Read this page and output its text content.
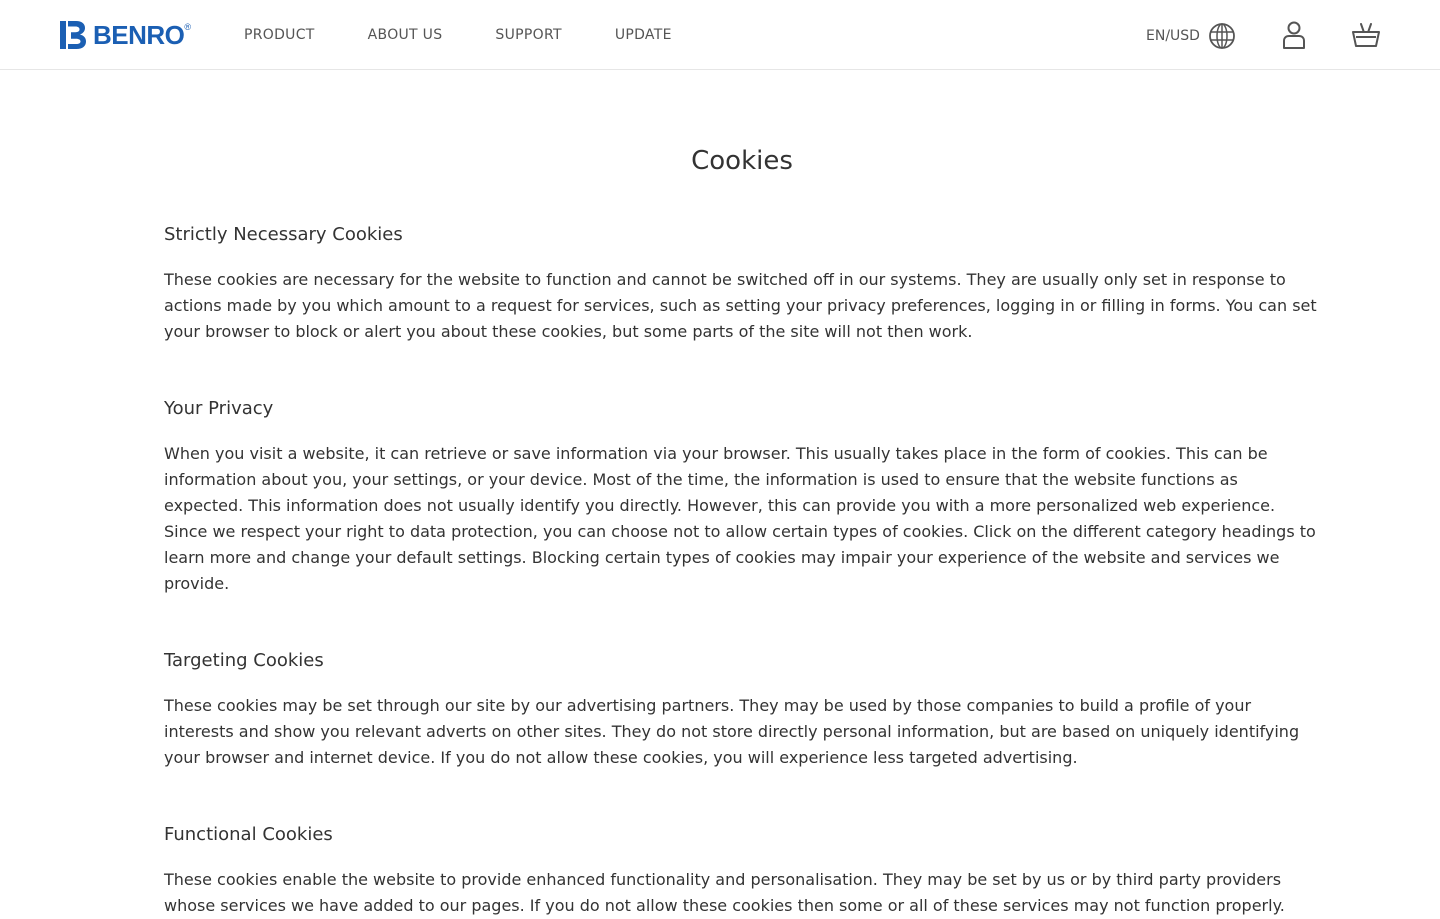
BENRO ®	PRODUCT	ABOUT US	SUPPORT	UPDATE	EN/USD
Cookies
Strictly Necessary Cookies

These cookies are necessary for the website to function and cannot be switched off in our systems. They are usually only set in response to actions made by you which amount to a request for services, such as setting your privacy preferences, logging in or filling in forms. You can set your browser to block or alert you about these cookies, but some parts of the site will not then work.

Your Privacy

When you visit a website, it can retrieve or save information via your browser. This usually takes place in the form of cookies. This can be information about you, your settings, or your device. Most of the time, the information is used to ensure that the website functions as expected. This information does not usually identify you directly. However, this can provide you with a more personalized web experience. Since we respect your right to data protection, you can choose not to allow certain types of cookies. Click on the different category headings to learn more and change your default settings. Blocking certain types of cookies may impair your experience of the website and services we provide.

Targeting Cookies

These cookies may be set through our site by our advertising partners. They may be used by those companies to build a profile of your interests and show you relevant adverts on other sites. They do not store directly personal information, but are based on uniquely identifying your browser and internet device. If you do not allow these cookies, you will experience less targeted advertising.

Functional Cookies

These cookies enable the website to provide enhanced functionality and personalisation. They may be set by us or by third party providers whose services we have added to our pages. If you do not allow these cookies then some or all of these services may not function properly.
